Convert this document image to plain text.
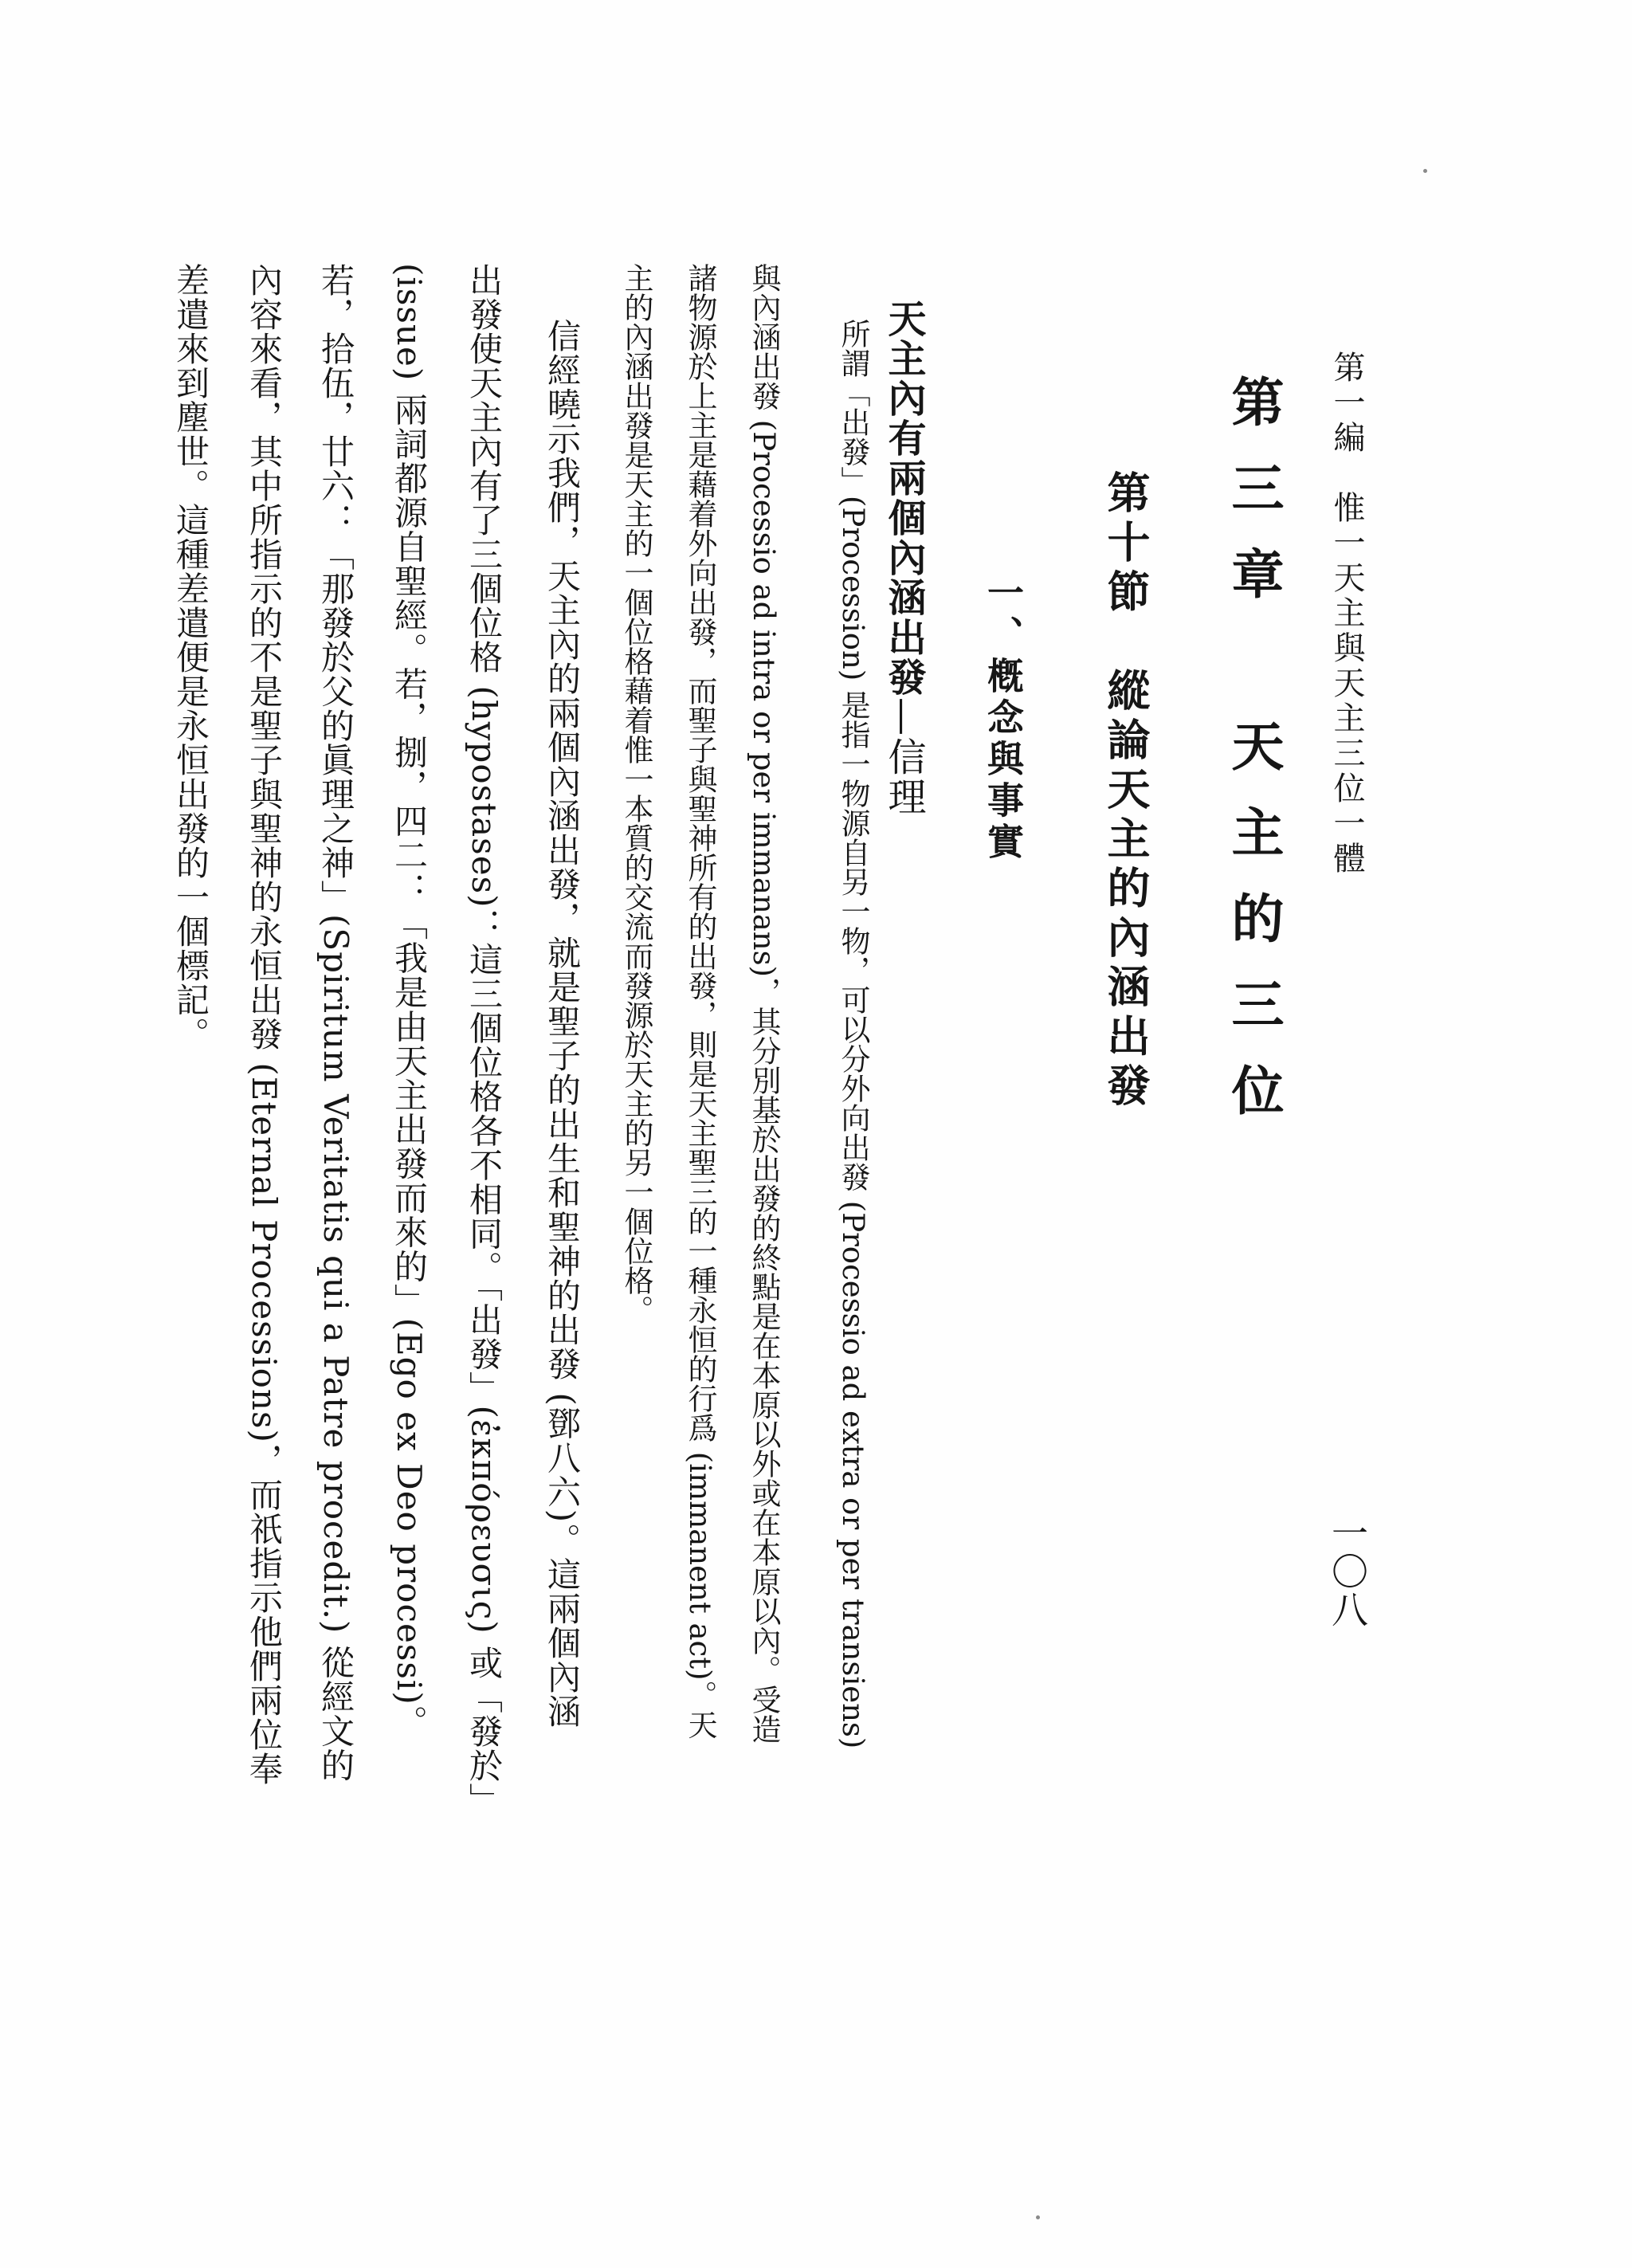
第一編　惟一天主與天主三位一體
一〇八
第三章　天主的三位
第十節　縱論天主的內涵出發
一、槪念與事實
所謂「出發」(Procession) 是指一物源自另一物，可以分外向出發 (Processio ad extra or per transiens)
與內涵出發 (Processio ad intra or per immanans)，其分別基於出發的終點是在本原以外或在本原以內。受造
諸物源於上主是藉着外向出發，而聖子與聖神所有的出發，則是天主聖三的一種永恒的行爲 (immanent act)。天
主的內涵出發是天主的一個位格藉着惟一本質的交流而發源於天主的另一個位格。	天主內有兩個內涵出發—信理
信經曉示我們，天主內的兩個內涵出發，就是聖子的出生和聖神的出發 (鄧八六)。這兩個內涵
出發使天主內有了三個位格 (hypostases)：這三個位格各不相同。「出發」(ἐκπόρευσις) 或「發於」
(issue) 兩詞都源自聖經。若，捌，四二：「我是由天主出發而來的」(Ego ex Deo processi)。
若，拾伍，廿六：「那發於父的眞理之神」(Spiritum Veritatis qui a Patre procedit.) 從經文的
內容來看，其中所指示的不是聖子與聖神的永恒出發 (Eternal Processions)，而祇指示他們兩位奉
差遣來到塵世。這種差遣便是永恒出發的一個標記。
